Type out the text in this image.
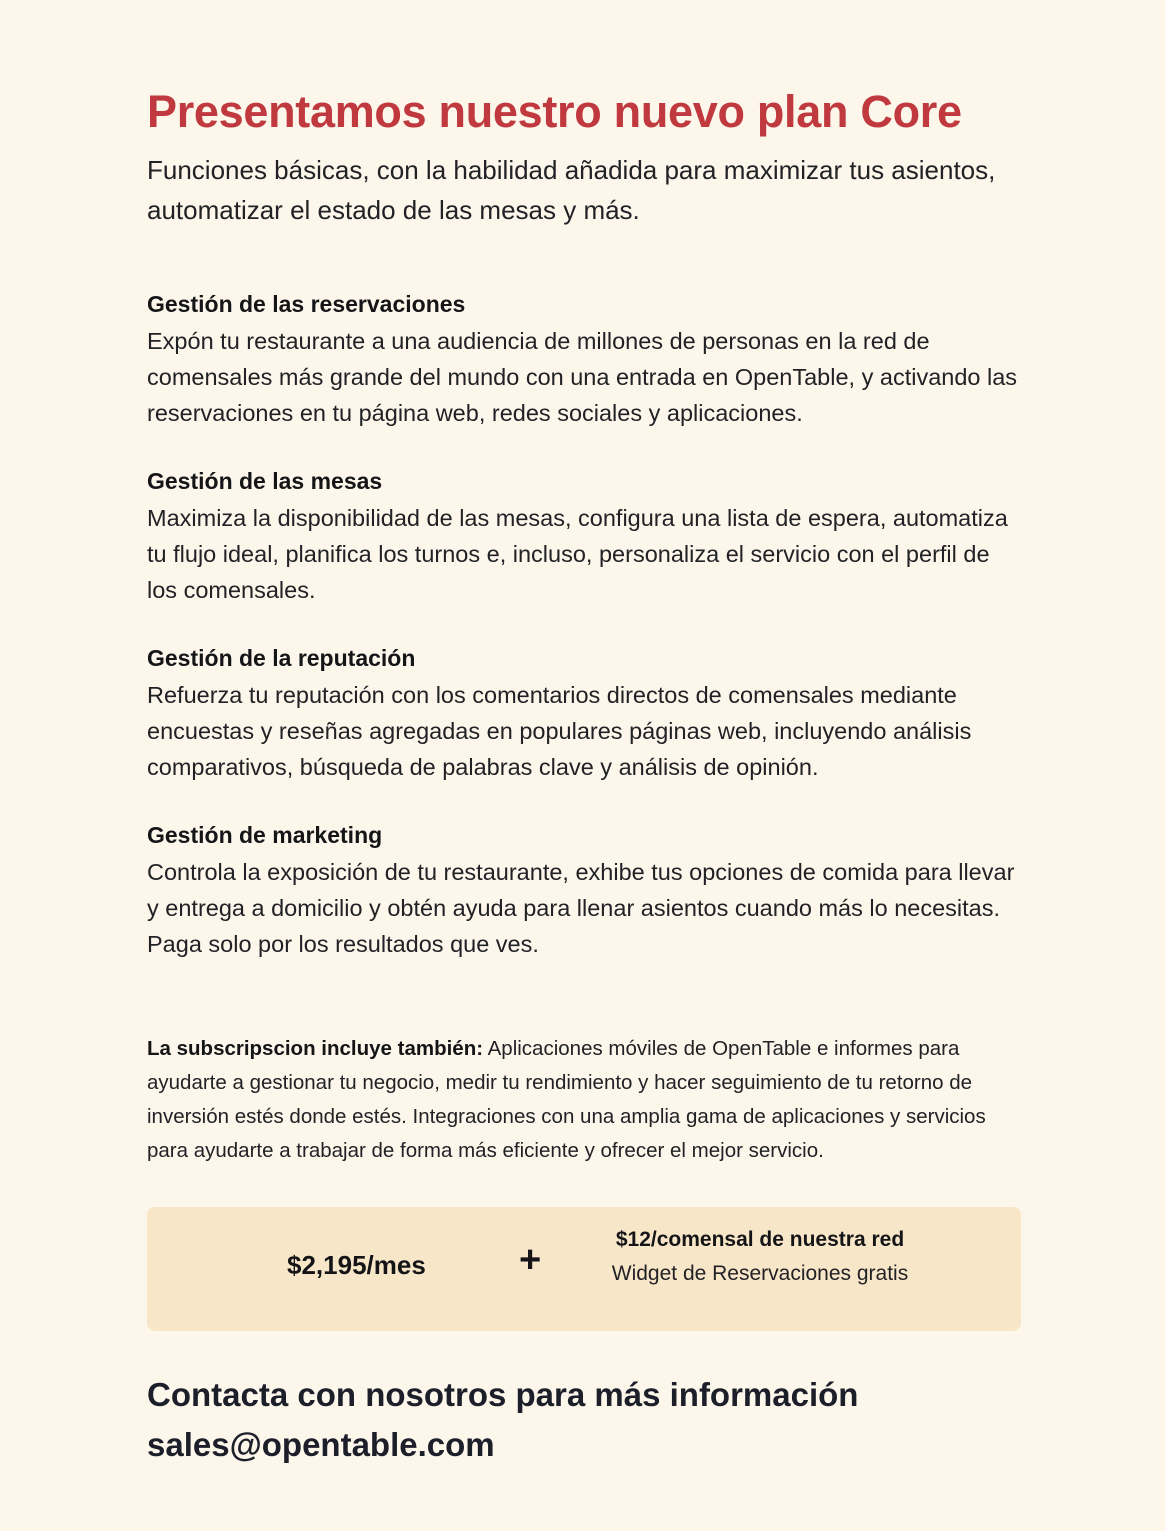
Presentamos nuestro nuevo plan Core

Funciones básicas, con la habilidad añadida para maximizar tus asientos, automatizar el estado de las mesas y más.

Gestión de las reservaciones

Expón tu restaurante a una audiencia de millones de personas en la red de comensales más grande del mundo con una entrada en OpenTable, y activando las reservaciones en tu página web, redes sociales y aplicaciones.

Gestión de las mesas

Maximiza la disponibilidad de las mesas, configura una lista de espera, automatiza tu flujo ideal, planifica los turnos e, incluso, personaliza el servicio con el perfil de los comensales.

Gestión de la reputación

Refuerza tu reputación con los comentarios directos de comensales mediante encuestas y reseñas agregadas en populares páginas web, incluyendo análisis comparativos, búsqueda de palabras clave y análisis de opinión.

Gestión de marketing

Controla la exposición de tu restaurante, exhibe tus opciones de comida para llevar y entrega a domicilio y obtén ayuda para llenar asientos cuando más lo necesitas. Paga solo por los resultados que ves.

La subscripscion incluye también: Aplicaciones móviles de OpenTable e informes para ayudarte a gestionar tu negocio, medir tu rendimiento y hacer seguimiento de tu retorno de inversión estés donde estés. Integraciones con una amplia gama de aplicaciones y servicios para ayudarte a trabajar de forma más eficiente y ofrecer el mejor servicio.

$2,195/mes +	$12/comensal de nuestra red
Widget de Reservaciones gratis
Contacta con nosotros para más información
sales@opentable.com
